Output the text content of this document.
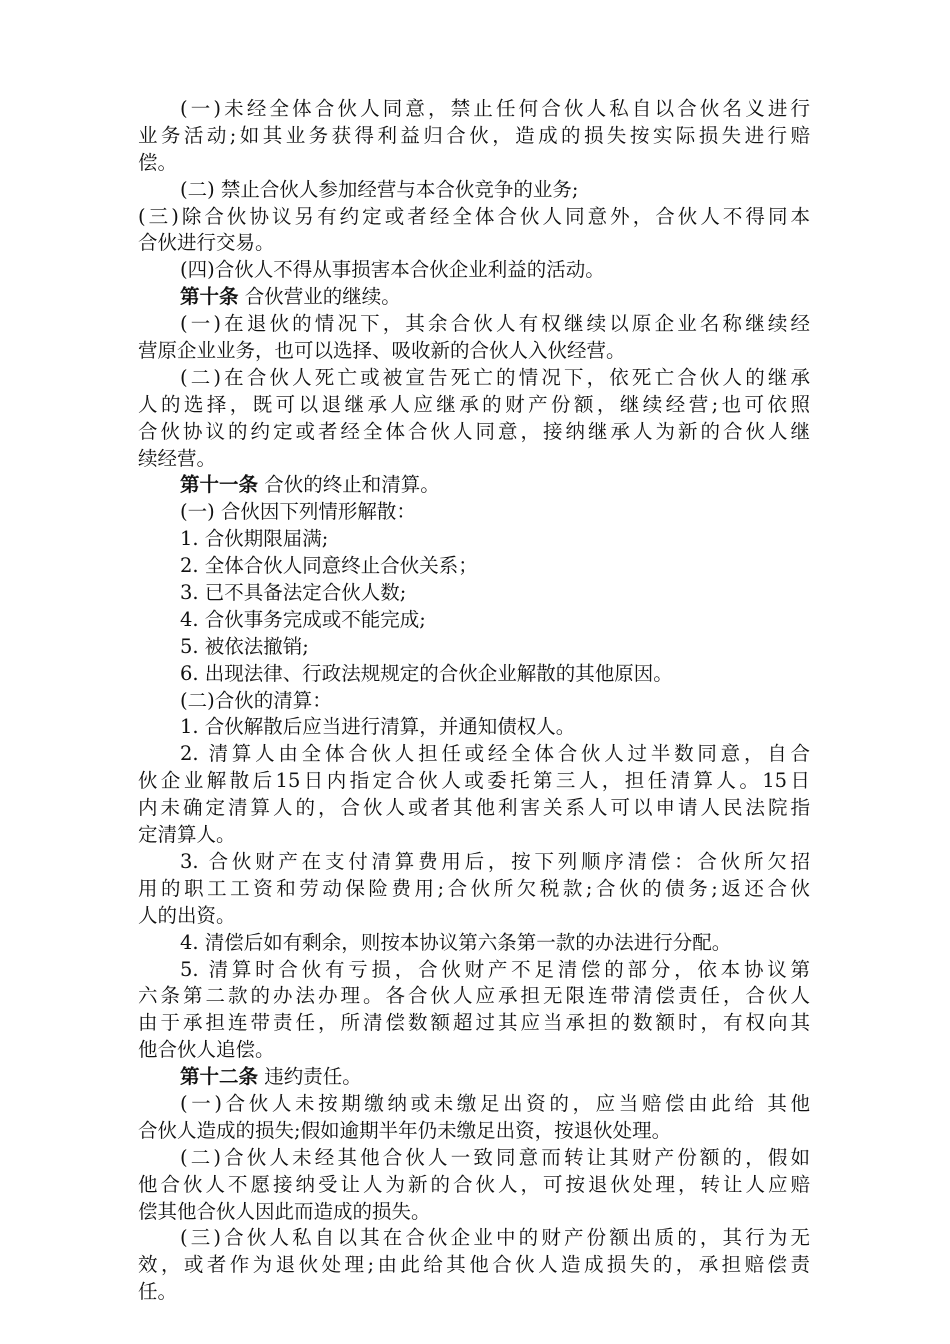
(一)未经全体合伙人同意，禁止任何合伙人私自以合伙名义进行
业务活动;如其业务获得利益归合伙，造成的损失按实际损失进行赔
偿。
(二) 禁止合伙人参加经营与本合伙竞争的业务;
(三)除合伙协议另有约定或者经全体合伙人同意外，合伙人不得同本
合伙进行交易。
(四)合伙人不得从事损害本合伙企业利益的活动。
第十条 合伙营业的继续。
(一)在退伙的情况下，其余合伙人有权继续以原企业名称继续经
营原企业业务，也可以选择、吸收新的合伙人入伙经营。
(二)在合伙人死亡或被宣告死亡的情况下，依死亡合伙人的继承
人的选择，既可以退继承人应继承的财产份额，继续经营;也可依照
合伙协议的约定或者经全体合伙人同意，接纳继承人为新的合伙人继
续经营。
第十一条 合伙的终止和清算。
(一) 合伙因下列情形解散：
1. 合伙期限届满;
2. 全体合伙人同意终止合伙关系；
3. 已不具备法定合伙人数;
4. 合伙事务完成或不能完成;
5. 被依法撤销;
6. 出现法律、行政法规规定的合伙企业解散的其他原因。
(二)合伙的清算：
1. 合伙解散后应当进行清算，并通知债权人。
2. 清算人由全体合伙人担任或经全体合伙人过半数同意，自合
伙企业解散后15日内指定合伙人或委托第三人，担任清算人。15日
内未确定清算人的，合伙人或者其他利害关系人可以申请人民法院指
定清算人。
3. 合伙财产在支付清算费用后，按下列顺序清偿：合伙所欠招
用的职工工资和劳动保险费用;合伙所欠税款;合伙的债务;返还合伙
人的出资。
4. 清偿后如有剩余，则按本协议第六条第一款的办法进行分配。
5. 清算时合伙有亏损，合伙财产不足清偿的部分，依本协议第
六条第二款的办法办理。各合伙人应承担无限连带清偿责任，合伙人
由于承担连带责任，所清偿数额超过其应当承担的数额时，有权向其
他合伙人追偿。
第十二条 违约责任。
(一)合伙人未按期缴纳或未缴足出资的，应当赔偿由此给 其他
合伙人造成的损失;假如逾期半年仍未缴足出资，按退伙处理。
(二)合伙人未经其他合伙人一致同意而转让其财产份额的，假如
他合伙人不愿接纳受让人为新的合伙人，可按退伙处理，转让人应赔
偿其他合伙人因此而造成的损失。
(三)合伙人私自以其在合伙企业中的财产份额出质的，其行为无
效，或者作为退伙处理;由此给其他合伙人造成损失的，承担赔偿责
任。
